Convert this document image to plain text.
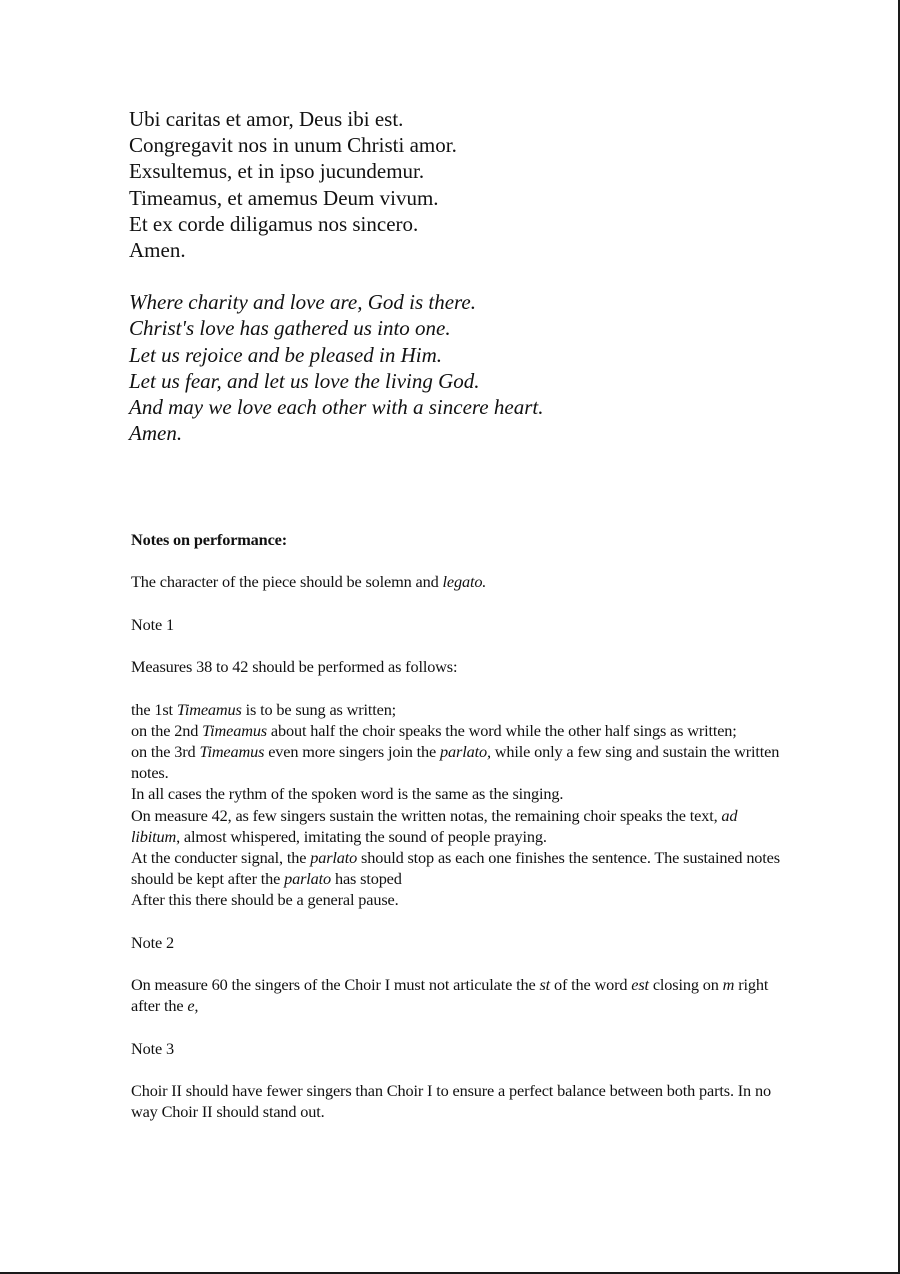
Ubi caritas et amor, Deus ibi est.
Congregavit nos in unum Christi amor.
Exsultemus, et in ipso jucundemur.
Timeamus, et amemus Deum vivum.
Et ex corde diligamus nos sincero.
Amen.
Where charity and love are, God is there.
Christ's love has gathered us into one.
Let us rejoice and be pleased in Him.
Let us fear, and let us love the living God.
And may we love each other with a sincere heart.
Amen.

Notes on performance:

The character of the piece should be solemn and legato.

Note 1

Measures 38 to 42 should be performed as follows:

the 1st Timeamus is to be sung as written;
on the 2nd Timeamus about half the choir speaks the word while the other half sings as written;
on the 3rd Timeamus even more singers join the parlato, while only a few sing and sustain the written notes.
In all cases the rythm of the spoken word is the same as the singing.
On measure 42, as few singers sustain the written notas, the remaining choir speaks the text, ad libitum, almost whispered, imitating the sound of people praying.
At the conducter signal, the parlato should stop as each one finishes the sentence. The sustained notes should be kept after the parlato has stoped
After this there should be a general pause.

Note 2

On measure 60 the singers of the Choir I must not articulate the st of the word est closing on m right after the e,

Note 3

Choir II should have fewer singers than Choir I to ensure a perfect balance between both parts. In no way Choir II should stand out.
